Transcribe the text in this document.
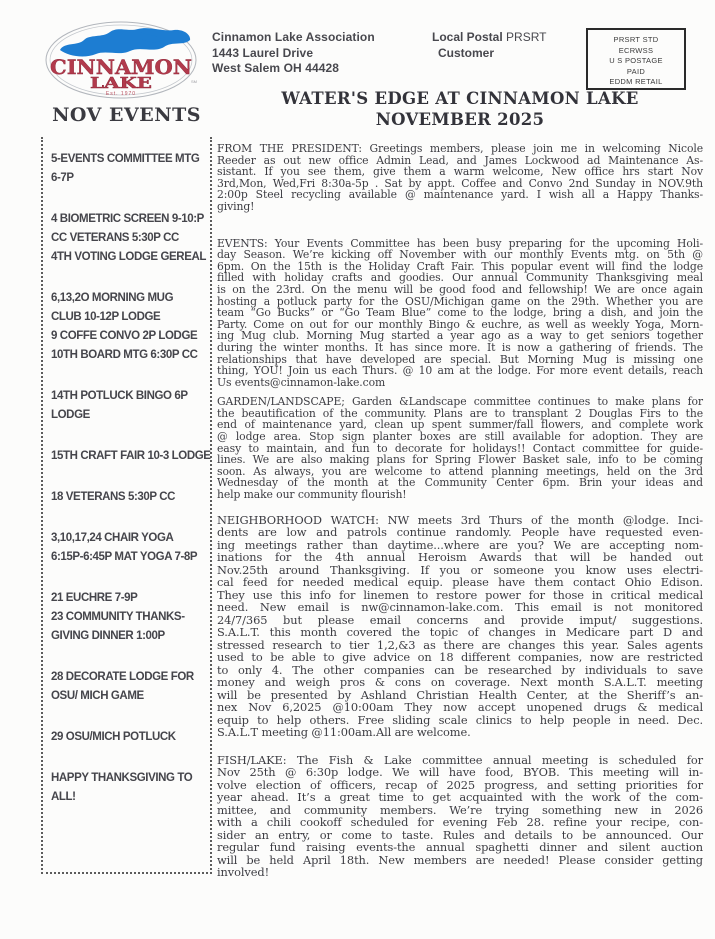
CINNAMON
LAKE
Est. 1970
SM
Cinnamon Lake Association
1443 Laurel Drive
West Salem OH 44428
Local Postal PRSRT
Customer
PRSRT STD
ECRWSS
U S POSTAGE
PAID
EDDM RETAIL
WATER'S EDGE AT CINNAMON LAKE
NOVEMBER 2025
NOV EVENTS
5-EVENTS COMMITTEE MTG
6-7P
4 BIOMETRIC SCREEN 9-10:P
CC VETERANS 5:30P CC
4TH VOTING LODGE GEREAL
6,13,2O MORNING MUG
CLUB 10-12P LODGE
9 COFFE CONVO 2P LODGE
10TH BOARD MTG 6:30P CC
14TH POTLUCK BINGO 6P
LODGE
15TH CRAFT FAIR 10-3 LODGE
18 VETERANS 5:30P CC
3,10,17,24 CHAIR YOGA
6:15P-6:45P MAT YOGA 7-8P
21 EUCHRE 7-9P
23 COMMUNITY THANKS-
GIVING DINNER 1:00P
28 DECORATE LODGE FOR
OSU/ MICH GAME
29 OSU/MICH POTLUCK
HAPPY THANKSGIVING TO
ALL!
FROM THE PRESIDENT: Greetings members, please join me in welcoming Nicole
Reeder as out new office Admin Lead, and James Lockwood ad Maintenance As-
sistant. If you see them, give them a warm welcome, New office hrs start Nov
3rd,Mon, Wed,Fri 8:30a-5p . Sat by appt. Coffee and Convo 2nd Sunday in NOV.9th
2:00p Steel recycling available @ maintenance yard. I wish all a Happy Thanks-
giving!
EVENTS: Your Events Committee has been busy preparing for the upcoming Holi-
day Season. We’re kicking off November with our monthly Events mtg. on 5th @
6pm. On the 15th is the Holiday Craft Fair. This popular event will find the lodge
filled with holiday crafts and goodies. Our annual Community Thanksgiving meal
is on the 23rd. On the menu will be good food and fellowship! We are once again
hosting a potluck party for the OSU/Michigan game on the 29th. Whether you are
team “Go Bucks” or “Go Team Blue” come to the lodge, bring a dish, and join the
Party. Come on out for our monthly Bingo & euchre, as well as weekly Yoga, Morn-
ing Mug club. Morning Mug started a year ago as a way to get seniors together
during the winter months. It has since more. It is now a gathering of friends. The
relationships that have developed are special. But Morning Mug is missing one
thing, YOU! Join us each Thurs. @ 10 am at the lodge. For more event details, reach
Us events@cinnamon-lake.com
GARDEN/LANDSCAPE; Garden &Landscape committee continues to make plans for
the beautification of the community. Plans are to transplant 2 Douglas Firs to the
end of maintenance yard, clean up spent summer/fall flowers, and complete work
@ lodge area. Stop sign planter boxes are still available for adoption. They are
easy to maintain, and fun to decorate for holidays!! Contact committee for guide-
lines. We are also making plans for Spring Flower Basket sale, info to be coming
soon. As always, you are welcome to attend planning meetings, held on the 3rd
Wednesday of the month at the Community Center 6pm. Brin your ideas and
help make our community flourish!
NEIGHBORHOOD WATCH: NW meets 3rd Thurs of the month @lodge. Inci-
dents are low and patrols continue randomly. People have requested even-
ing meetings rather than daytime...where are you? We are accepting nom-
inations for the 4th annual Heroism Awards that will be handed out
Nov.25th around Thanksgiving. If you or someone you know uses electri-
cal feed for needed medical equip. please have them contact Ohio Edison.
They use this info for linemen to restore power for those in critical medical
need. New email is nw@cinnamon-lake.com. This email is not monitored
24/7/365 but please email concerns and provide imput/ suggestions.
S.A.L.T. this month covered the topic of changes in Medicare part D and
stressed research to tier 1,2,&3 as there are changes this year. Sales agents
used to be able to give advice on 18 different companies, now are restricted
to only 4. The other companies can be researched by individuals to save
money and weigh pros & cons on coverage. Next month S.A.L.T. meeting
will be presented by Ashland Christian Health Center, at the Sheriff’s an-
nex Nov 6,2025 @10:00am They now accept unopened drugs & medical
equip to help others. Free sliding scale clinics to help people in need. Dec.
S.A.L.T meeting @11:00am.All are welcome.
FISH/LAKE: The Fish & Lake committee annual meeting is scheduled for
Nov 25th @ 6:30p lodge. We will have food, BYOB. This meeting will in-
volve election of officers, recap of 2025 progress, and setting priorities for
year ahead. It’s a great time to get acquainted with the work of the com-
mittee, and community members. We’re trying something new in 2026
with a chili cookoff scheduled for evening Feb 28. refine your recipe, con-
sider an entry, or come to taste. Rules and details to be announced. Our
regular fund raising events-the annual spaghetti dinner and silent auction
will be held April 18th. New members are needed! Please consider getting
involved!
